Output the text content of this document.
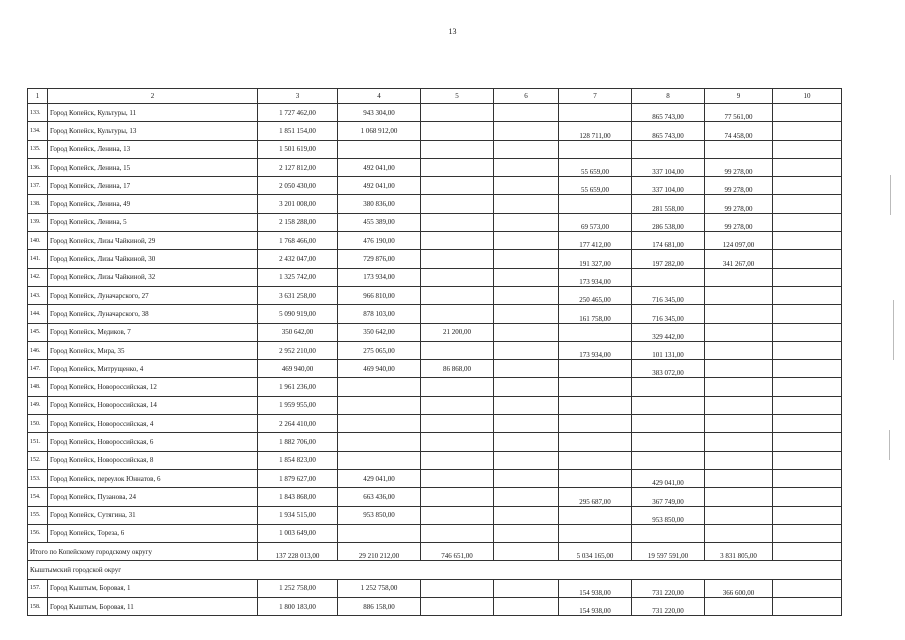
13
1	2	3	4	5	6	7	8	9	10
133.	Город Копейск, Культуры, 11	1 727 462,00	943 304,00				865 743,00	77 561,00	
134.	Город Копейск, Культуры, 13	1 851 154,00	1 068 912,00			128 711,00	865 743,00	74 458,00	
135.	Город Копейск, Ленина, 13	1 501 619,00							
136.	Город Копейск, Ленина, 15	2 127 812,00	492 041,00			55 659,00	337 104,00	99 278,00	
137.	Город Копейск, Ленина, 17	2 050 430,00	492 041,00			55 659,00	337 104,00	99 278,00	
138.	Город Копейск, Ленина, 49	3 201 008,00	380 836,00				281 558,00	99 278,00	
139.	Город Копейск, Ленина, 5	2 158 288,00	455 389,00			69 573,00	286 538,00	99 278,00	
140.	Город Копейск, Лизы Чайкиной, 29	1 768 466,00	476 190,00			177 412,00	174 681,00	124 097,00	
141.	Город Копейск, Лизы Чайкиной, 30	2 432 047,00	729 876,00			191 327,00	197 282,00	341 267,00	
142.	Город Копейск, Лизы Чайкиной, 32	1 325 742,00	173 934,00			173 934,00			
143.	Город Копейск, Луначарского, 27	3 631 258,00	966 810,00			250 465,00	716 345,00		
144.	Город Копейск, Луначарского, 38	5 090 919,00	878 103,00			161 758,00	716 345,00		
145.	Город Копейск, Медиков, 7	350 642,00	350 642,00	21 200,00			329 442,00		
146.	Город Копейск, Мира, 35	2 952 210,00	275 065,00			173 934,00	101 131,00		
147.	Город Копейск, Митрущенко, 4	469 940,00	469 940,00	86 868,00			383 072,00		
148.	Город Копейск, Новороссийская, 12	1 961 236,00							
149.	Город Копейск, Новороссийская, 14	1 959 955,00							
150.	Город Копейск, Новороссийская, 4	2 264 410,00							
151.	Город Копейск, Новороссийская, 6	1 882 706,00							
152.	Город Копейск, Новороссийская, 8	1 854 823,00							
153.	Город Копейск, переулок Юннатов, 6	1 879 627,00	429 041,00				429 041,00		
154.	Город Копейск, Пузанова, 24	1 843 868,00	663 436,00			295 687,00	367 749,00		
155.	Город Копейск, Сутягина, 31	1 934 515,00	953 850,00				953 850,00		
156.	Город Копейск, Тореза, 6	1 003 649,00							
Итого по Копейскому городскому округу		137 228 013,00	29 210 212,00	746 651,00		5 034 165,00	19 597 591,00	3 831 805,00	
Кыштымский городской округ									
157.	Город Кыштым, Боровая, 1	1 252 758,00	1 252 758,00			154 938,00	731 220,00	366 600,00	
158.	Город Кыштым, Боровая, 11	1 800 183,00	886 158,00			154 938,00	731 220,00		
